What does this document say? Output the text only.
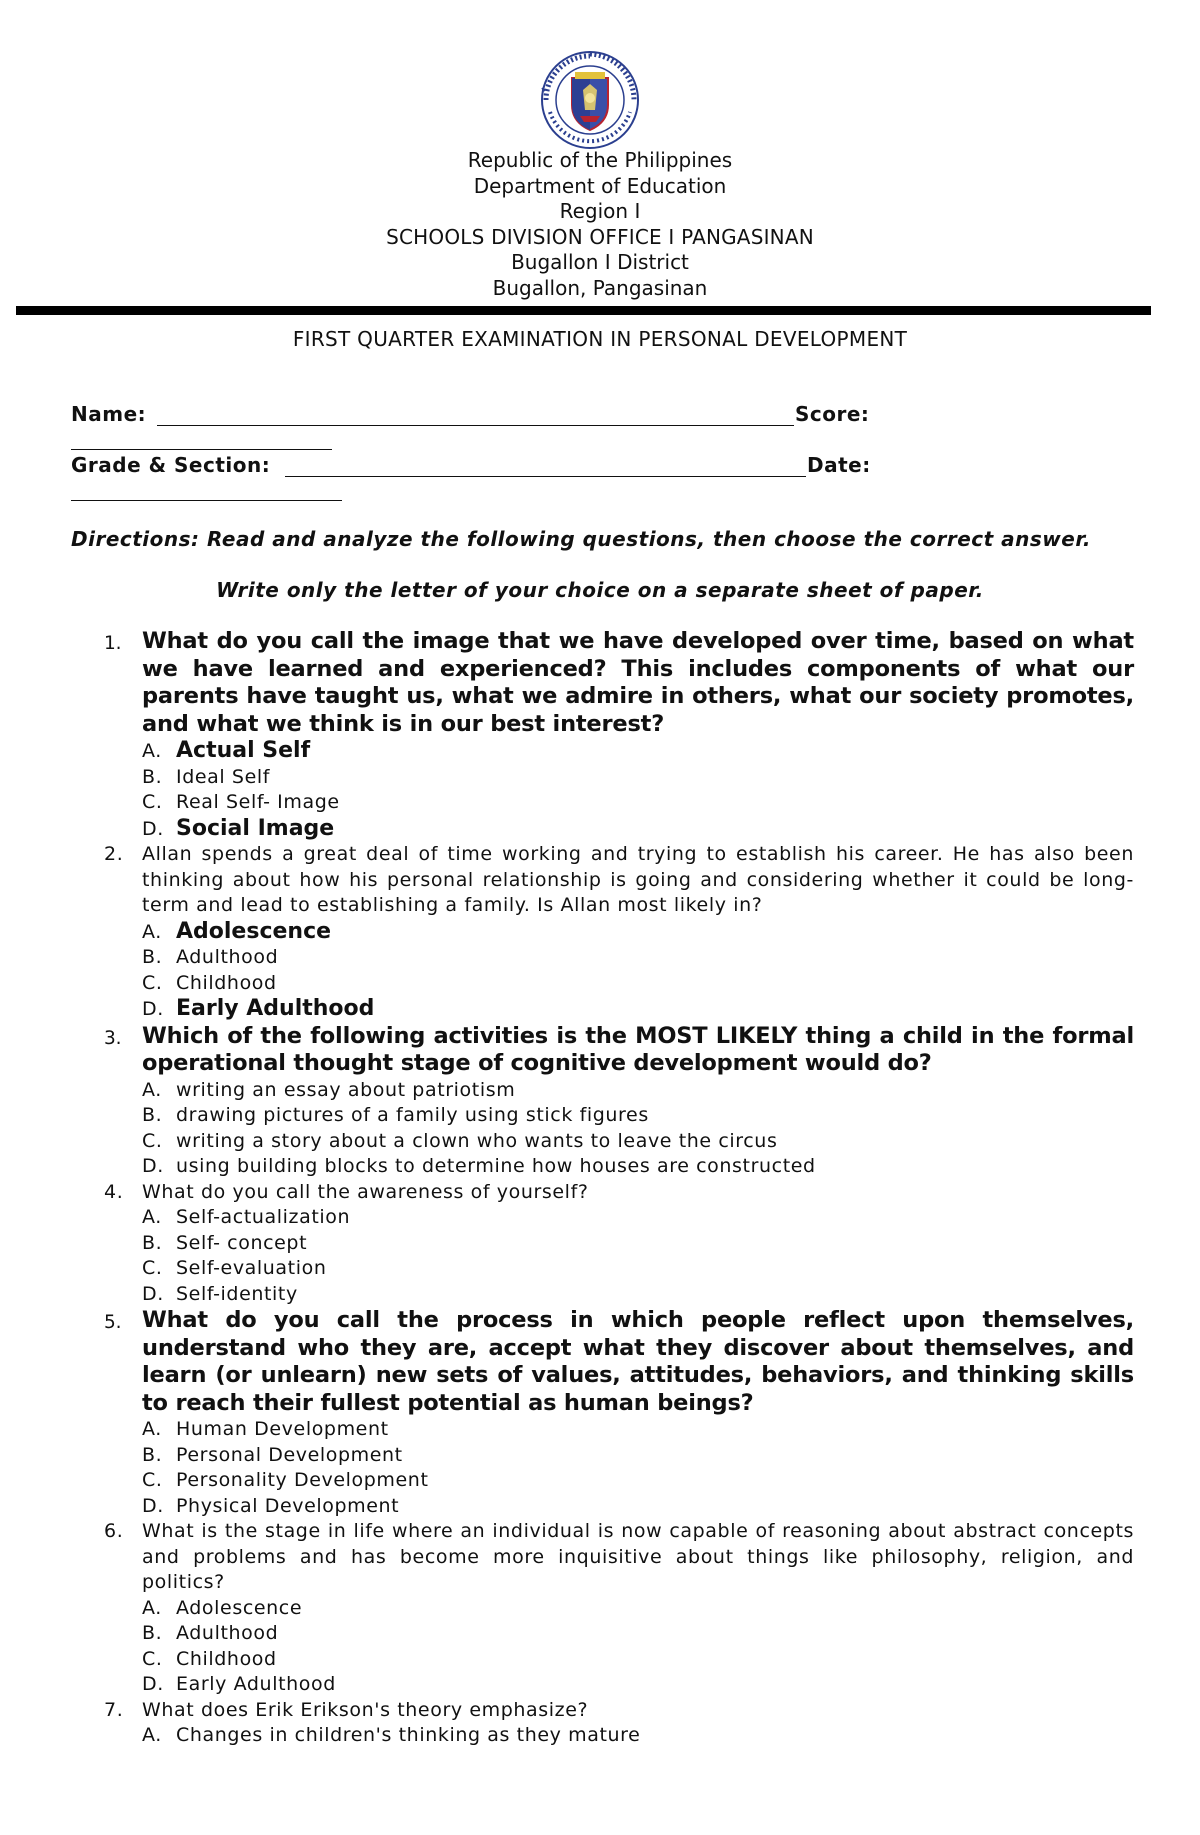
Republic of the Philippines
Department of Education
Region I
SCHOOLS DIVISION OFFICE I PANGASINAN
Bugallon I District
Bugallon, Pangasinan
FIRST QUARTER EXAMINATION IN PERSONAL DEVELOPMENT
Name:	Score:
Grade & Section:	Date:
Directions: Read and analyze the following questions, then choose the correct answer.
Write only the letter of your choice on a separate sheet of paper.
1. What do you call the image that we have developed over time, based on what we have learned and experienced? This includes components of what our parents have taught us, what we admire in others, what our society promotes, and what we think is in our best interest?
A. Actual Self
B. Ideal Self
C. Real Self- Image
D. Social Image
2. Allan spends a great deal of time working and trying to establish his career. He has also been thinking about how his personal relationship is going and considering whether it could be long-term and lead to establishing a family. Is Allan most likely in?
A. Adolescence
B. Adulthood
C. Childhood
D. Early Adulthood
3. Which of the following activities is the MOST LIKELY thing a child in the formal operational thought stage of cognitive development would do?
A. writing an essay about patriotism
B. drawing pictures of a family using stick figures
C. writing a story about a clown who wants to leave the circus
D. using building blocks to determine how houses are constructed
4. What do you call the awareness of yourself?
A. Self-actualization
B. Self- concept
C. Self-evaluation
D. Self-identity
5. What do you call the process in which people reflect upon themselves, understand who they are, accept what they discover about themselves, and learn (or unlearn) new sets of values, attitudes, behaviors, and thinking skills to reach their fullest potential as human beings?
A. Human Development
B. Personal Development
C. Personality Development
D. Physical Development
6. What is the stage in life where an individual is now capable of reasoning about abstract concepts and problems and has become more inquisitive about things like philosophy, religion, and politics?
A. Adolescence
B. Adulthood
C. Childhood
D. Early Adulthood
7. What does Erik Erikson's theory emphasize?
A. Changes in children's thinking as they mature
